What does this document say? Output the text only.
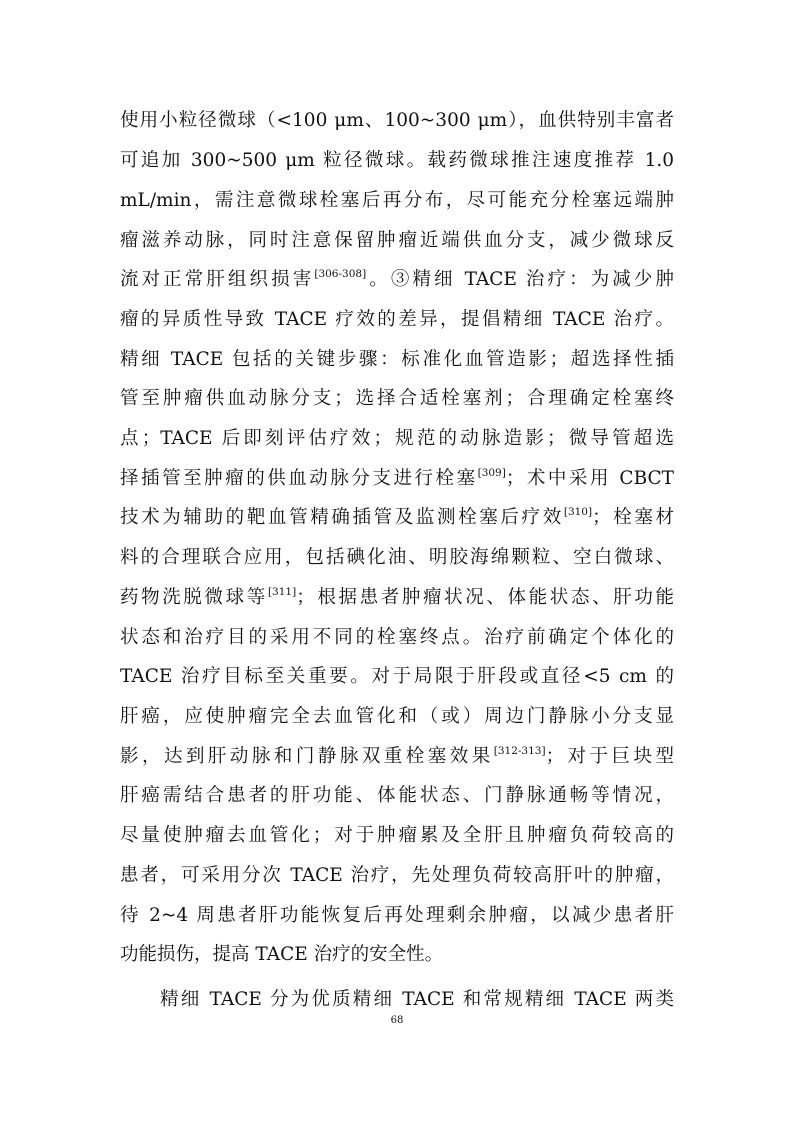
使用小粒径微球（<100 μm、100~300 μm），血供特别丰富者
可追加 300~500 μm 粒径微球。载药微球推注速度推荐 1.0
mL/min，需注意微球栓塞后再分布，尽可能充分栓塞远端肿
瘤滋养动脉，同时注意保留肿瘤近端供血分支，减少微球反
流对正常肝组织损害[306-308]。③精细 TACE 治疗：为减少肿
瘤的异质性导致 TACE 疗效的差异，提倡精细 TACE 治疗。
精细 TACE 包括的关键步骤：标准化血管造影；超选择性插
管至肿瘤供血动脉分支；选择合适栓塞剂；合理确定栓塞终
点；TACE 后即刻评估疗效；规范的动脉造影；微导管超选
择插管至肿瘤的供血动脉分支进行栓塞[309]；术中采用 CBCT
技术为辅助的靶血管精确插管及监测栓塞后疗效[310]；栓塞材
料的合理联合应用，包括碘化油、明胶海绵颗粒、空白微球、
药物洗脱微球等[311]；根据患者肿瘤状况、体能状态、肝功能
状态和治疗目的采用不同的栓塞终点。治疗前确定个体化的
TACE 治疗目标至关重要。对于局限于肝段或直径<5 cm 的
肝癌，应使肿瘤完全去血管化和（或）周边门静脉小分支显
影，达到肝动脉和门静脉双重栓塞效果[312-313]；对于巨块型
肝癌需结合患者的肝功能、体能状态、门静脉通畅等情况，
尽量使肿瘤去血管化；对于肿瘤累及全肝且肿瘤负荷较高的
患者，可采用分次 TACE 治疗，先处理负荷较高肝叶的肿瘤，
待 2~4 周患者肝功能恢复后再处理剩余肿瘤，以减少患者肝
功能损伤，提高 TACE 治疗的安全性。
精细 TACE 分为优质精细 TACE 和常规精细 TACE 两类
68
